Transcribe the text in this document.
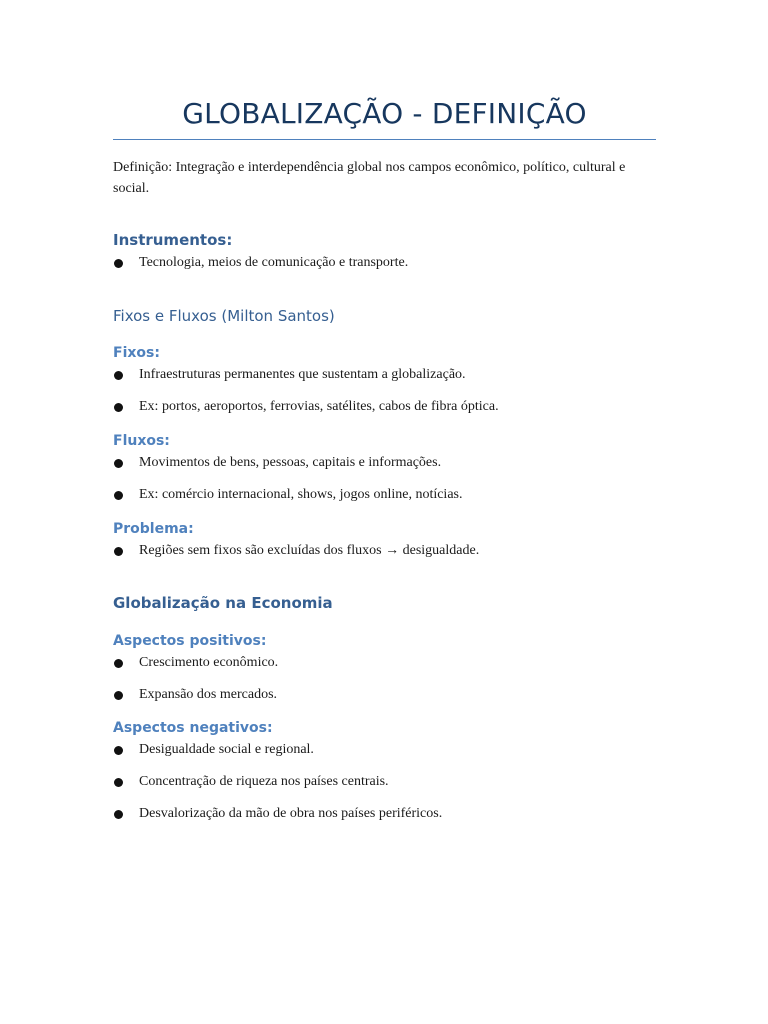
GLOBALIZAÇÃO - DEFINIÇÃO
Definição: Integração e interdependência global nos campos econômico, político, cultural e social.
Instrumentos:
Tecnologia, meios de comunicação e transporte.
Fixos e Fluxos (Milton Santos)
Fixos:
Infraestruturas permanentes que sustentam a globalização.
Ex: portos, aeroportos, ferrovias, satélites, cabos de fibra óptica.
Fluxos:
Movimentos de bens, pessoas, capitais e informações.
Ex: comércio internacional, shows, jogos online, notícias.
Problema:
Regiões sem fixos são excluídas dos fluxos → desigualdade.
Globalização na Economia
Aspectos positivos:
Crescimento econômico.
Expansão dos mercados.
Aspectos negativos:
Desigualdade social e regional.
Concentração de riqueza nos países centrais.
Desvalorização da mão de obra nos países periféricos.
